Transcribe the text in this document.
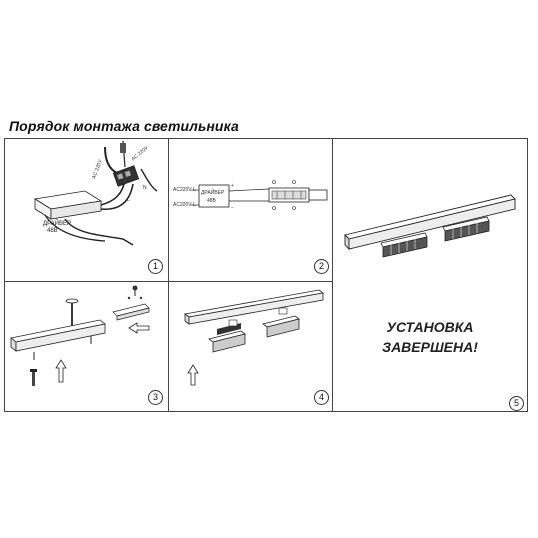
Порядок монтажа светильника
ДРАЙВЕР
48В
AC 220V
AC 220V
L
N
1
AC220V L
AC220V L
ДРАЙВЕР
48В
+
−
2
3	4
УСТАНОВКА
ЗАВЕРШЕНА!
5
